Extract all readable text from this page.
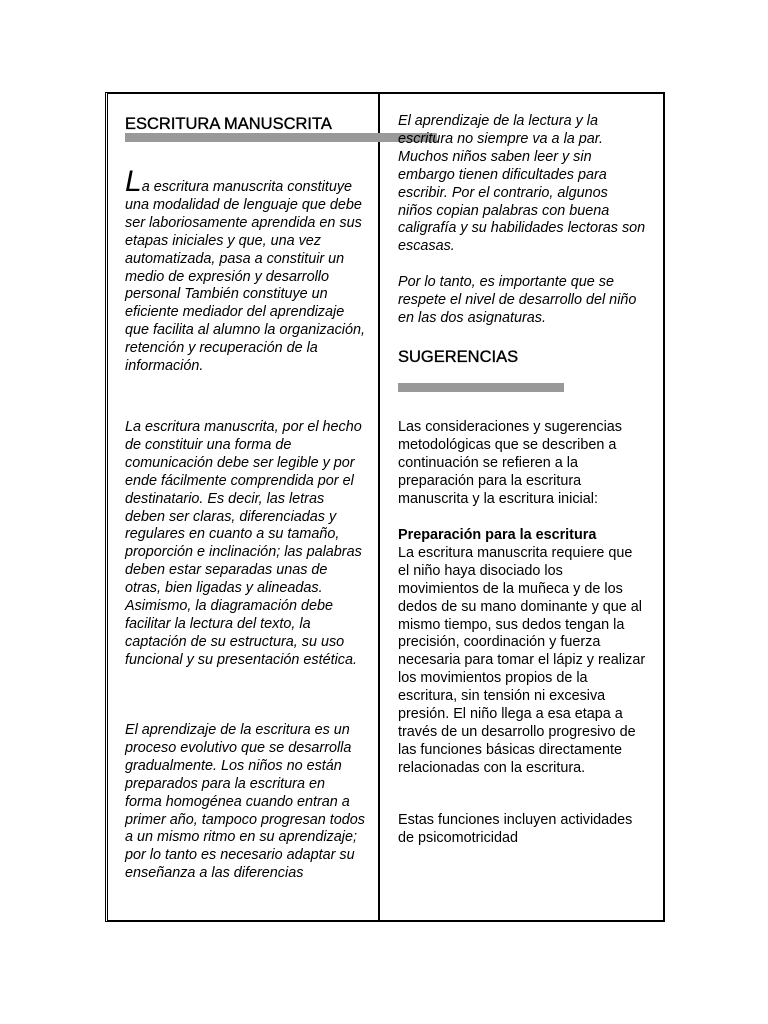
ESCRITURA MANUSCRITA

La escritura manuscrita constituye una modalidad de lenguaje que debe ser laboriosamente aprendida en sus etapas iniciales y que, una vez automatizada, pasa a constituir un medio de expresión y desarrollo personal También constituye un eficiente mediador del aprendizaje que facilita al alumno la organización, retención y recuperación de la información.

La escritura manuscrita, por el hecho de constituir una forma de comunicación debe ser legible y por ende fácilmente comprendida por el destinatario. Es decir, las letras deben ser claras, diferenciadas y regulares en cuanto a su tamaño, proporción e inclinación; las palabras deben estar separadas unas de otras, bien ligadas y alineadas. Asimismo, la diagramación debe facilitar la lectura del texto, la captación de su estructura, su uso funcional y su presentación estética.

El aprendizaje de la escritura es un proceso evolutivo que se desarrolla gradualmente. Los niños no están preparados para la escritura en forma homogénea cuando entran a primer año, tampoco progresan todos a un mismo ritmo en su aprendizaje; por lo tanto es necesario adaptar su enseñanza a las diferencias

El aprendizaje de la lectura y la escritura no siempre va a la par. Muchos niños saben leer y sin embargo tienen dificultades para escribir. Por el contrario, algunos niños copian palabras con buena caligrafía y su habilidades lectoras son escasas.

Por lo tanto, es importante que se respete el nivel de desarrollo del niño en las dos asignaturas.

SUGERENCIAS

Las consideraciones y sugerencias metodológicas que se describen a continuación se refieren a la preparación para la escritura manuscrita y la escritura inicial:

Preparación para la escritura
La escritura manuscrita requiere que el niño haya disociado los movimientos de la muñeca y de los dedos de su mano dominante y que al mismo tiempo, sus dedos tengan la precisión, coordinación y fuerza necesaria para tomar el lápiz y realizar los movimientos propios de la escritura, sin tensión ni excesiva presión. El niño llega a esa etapa a través de un desarrollo progresivo de las funciones básicas directamente relacionadas con la escritura.

Estas funciones incluyen actividades de psicomotricidad
